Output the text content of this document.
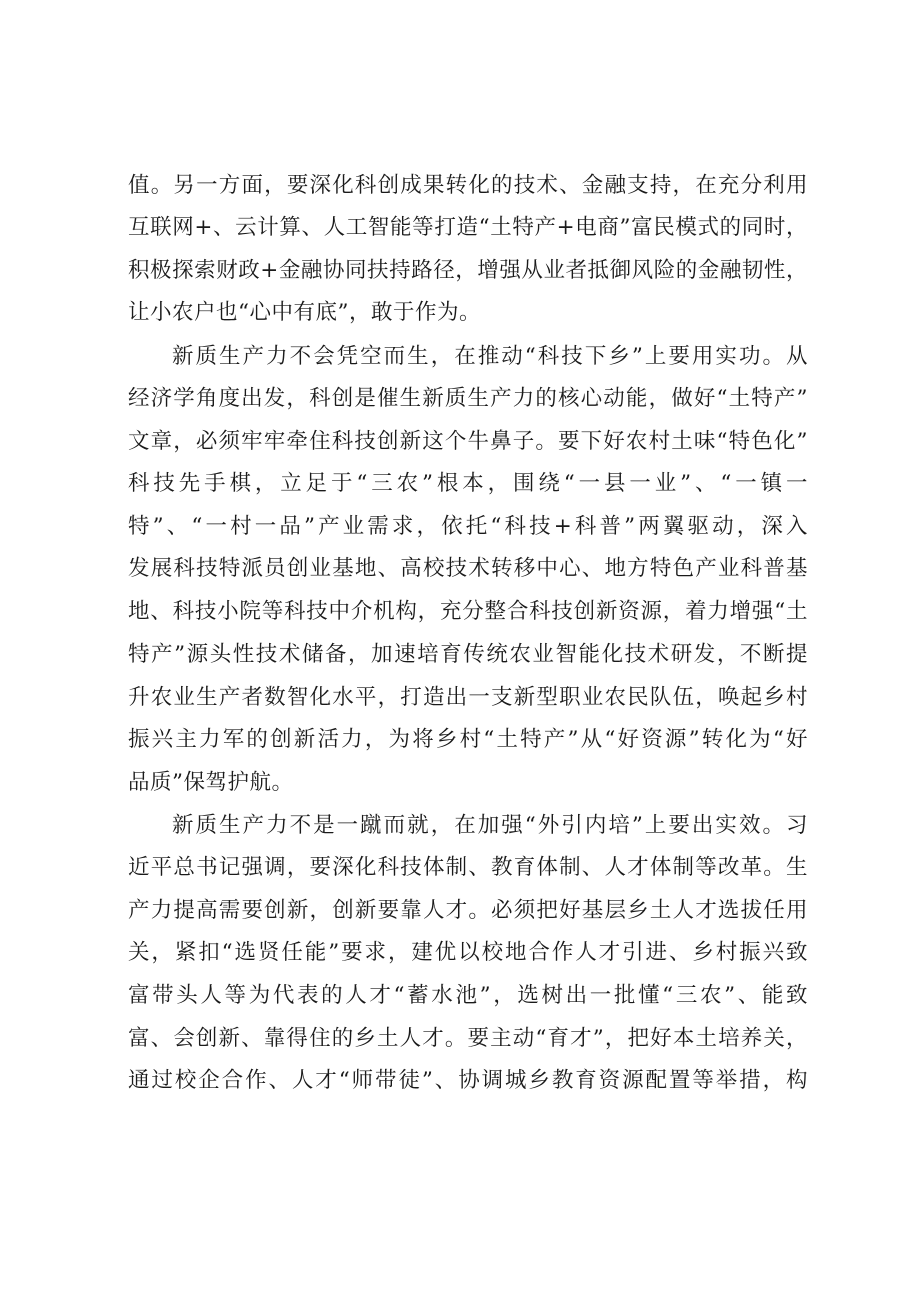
值。另一方面，要深化科创成果转化的技术、金融支持，在充分利用
互联网+、云计算、人工智能等打造“土特产+电商”富民模式的同时，
积极探索财政+金融协同扶持路径，增强从业者抵御风险的金融韧性，
让小农户也“心中有底”，敢于作为。
新质生产力不会凭空而生，在推动“科技下乡”上要用实功。从
经济学角度出发，科创是催生新质生产力的核心动能，做好“土特产”
文章，必须牢牢牵住科技创新这个牛鼻子。要下好农村土味“特色化”
科技先手棋，立足于“三农”根本，围绕“一县一业”、“一镇一
特”、“一村一品”产业需求，依托“科技+科普”两翼驱动，深入
发展科技特派员创业基地、高校技术转移中心、地方特色产业科普基
地、科技小院等科技中介机构，充分整合科技创新资源，着力增强“土
特产”源头性技术储备，加速培育传统农业智能化技术研发，不断提
升农业生产者数智化水平，打造出一支新型职业农民队伍，唤起乡村
振兴主力军的创新活力，为将乡村“土特产”从“好资源”转化为“好
品质”保驾护航。
新质生产力不是一蹴而就，在加强“外引内培”上要出实效。习
近平总书记强调，要深化科技体制、教育体制、人才体制等改革。生
产力提高需要创新，创新要靠人才。必须把好基层乡土人才选拔任用
关，紧扣“选贤任能”要求，建优以校地合作人才引进、乡村振兴致
富带头人等为代表的人才“蓄水池”，选树出一批懂“三农”、能致
富、会创新、靠得住的乡土人才。要主动“育才”，把好本土培养关，
通过校企合作、人才“师带徒”、协调城乡教育资源配置等举措，构
